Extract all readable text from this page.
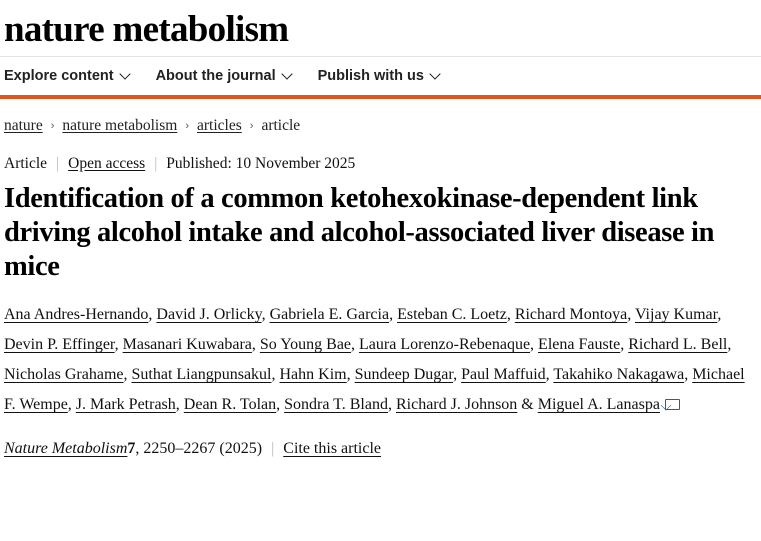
nature metabolism
Explore content	About the journal	Publish with us
nature › nature metabolism › articles › article
Article | Open access | Published: 10 November 2025
Identification of a common ketohexokinase-dependent link driving alcohol intake and alcohol-associated liver disease in mice
Ana Andres-Hernando, David J. Orlicky, Gabriela E. Garcia, Esteban C. Loetz, Richard Montoya, Vijay Kumar, Devin P. Effinger, Masanari Kuwabara, So Young Bae, Laura Lorenzo-Rebenaque, Elena Fauste, Richard L. Bell, Nicholas Grahame, Suthat Liangpunsakul, Hahn Kim, Sundeep Dugar, Paul Maffuid, Takahiko Nakagawa, Michael F. Wempe, J. Mark Petrash, Dean R. Tolan, Sondra T. Bland, Richard J. Johnson & Miguel A. Lanaspa
Nature Metabolism7, 2250–2267 (2025) | Cite this article
